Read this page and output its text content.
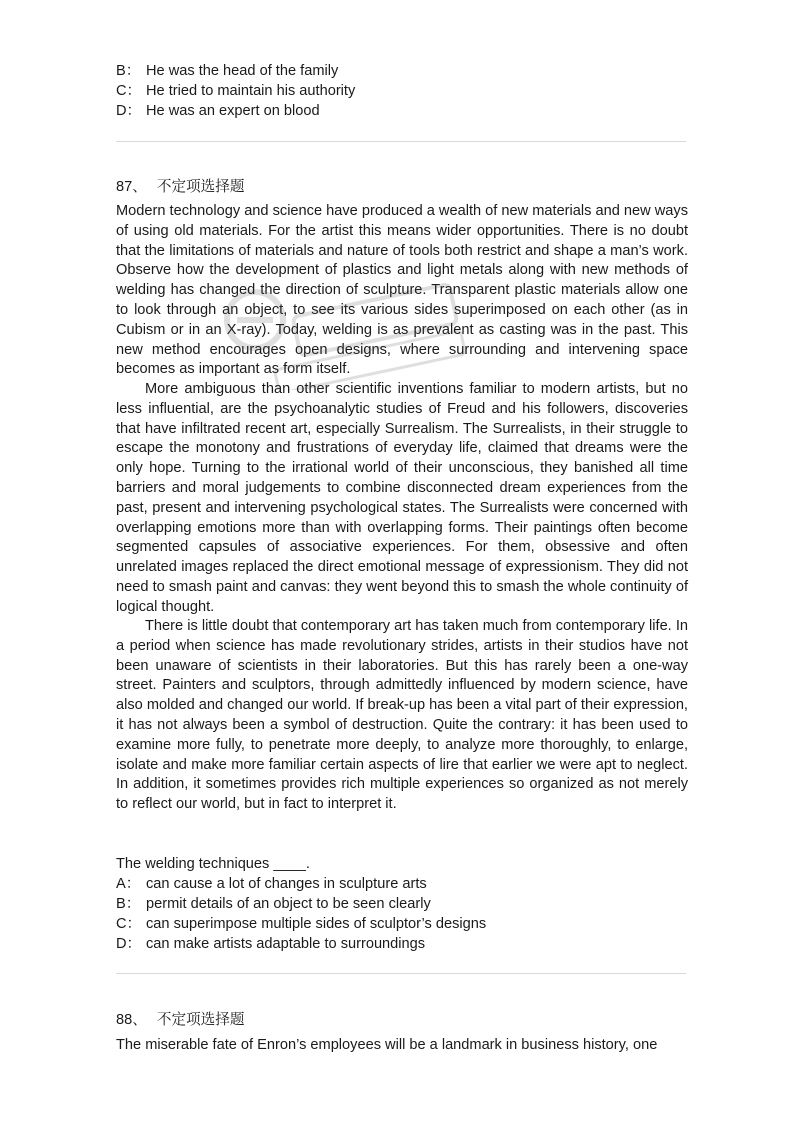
B： He was the head of the family
C： He tried to maintain his authority
D： He was an expert on blood
87、 不定项选择题
Modern technology and science have produced a wealth of new materials and new ways of using old materials. For the artist this means wider opportunities. There is no doubt that the limitations of materials and nature of tools both restrict and shape a man’s work. Observe how the development of plastics and light metals along with new methods of welding has changed the direction of sculpture. Transparent plastic materials allow one to look through an object, to see its various sides superimposed on each other (as in Cubism or in an X-ray). Today, welding is as prevalent as casting was in the past. This new method encourages open designs, where surrounding and intervening space becomes as important as form itself.
More ambiguous than other scientific inventions familiar to modern artists, but no less influential, are the psychoanalytic studies of Freud and his followers, discoveries that have infiltrated recent art, especially Surrealism. The Surrealists, in their struggle to escape the monotony and frustrations of everyday life, claimed that dreams were the only hope. Turning to the irrational world of their unconscious, they banished all time barriers and moral judgements to combine disconnected dream experiences from the past, present and intervening psychological states. The Surrealists were concerned with overlapping emotions more than with overlapping forms. Their paintings often become segmented capsules of associative experiences. For them, obsessive and often unrelated images replaced the direct emotional message of expressionism. They did not need to smash paint and canvas: they went beyond this to smash the whole continuity of logical thought.
There is little doubt that contemporary art has taken much from contemporary life. In a period when science has made revolutionary strides, artists in their studios have not been unaware of scientists in their laboratories. But this has rarely been a one-way street. Painters and sculptors, through admittedly influenced by modern science, have also molded and changed our world. If break-up has been a vital part of their expression, it has not always been a symbol of destruction. Quite the contrary: it has been used to examine more fully, to penetrate more deeply, to analyze more thoroughly, to enlarge, isolate and make more familiar certain aspects of lire that earlier we were apt to neglect. In addition, it sometimes provides rich multiple experiences so organized as not merely to reflect our world, but in fact to interpret it.
The welding techniques ____.
A： can cause a lot of changes in sculpture arts
B： permit details of an object to be seen clearly
C： can superimpose multiple sides of sculptor’s designs
D： can make artists adaptable to surroundings
88、 不定项选择题
The miserable fate of Enron’s employees will be a landmark in business history, one
